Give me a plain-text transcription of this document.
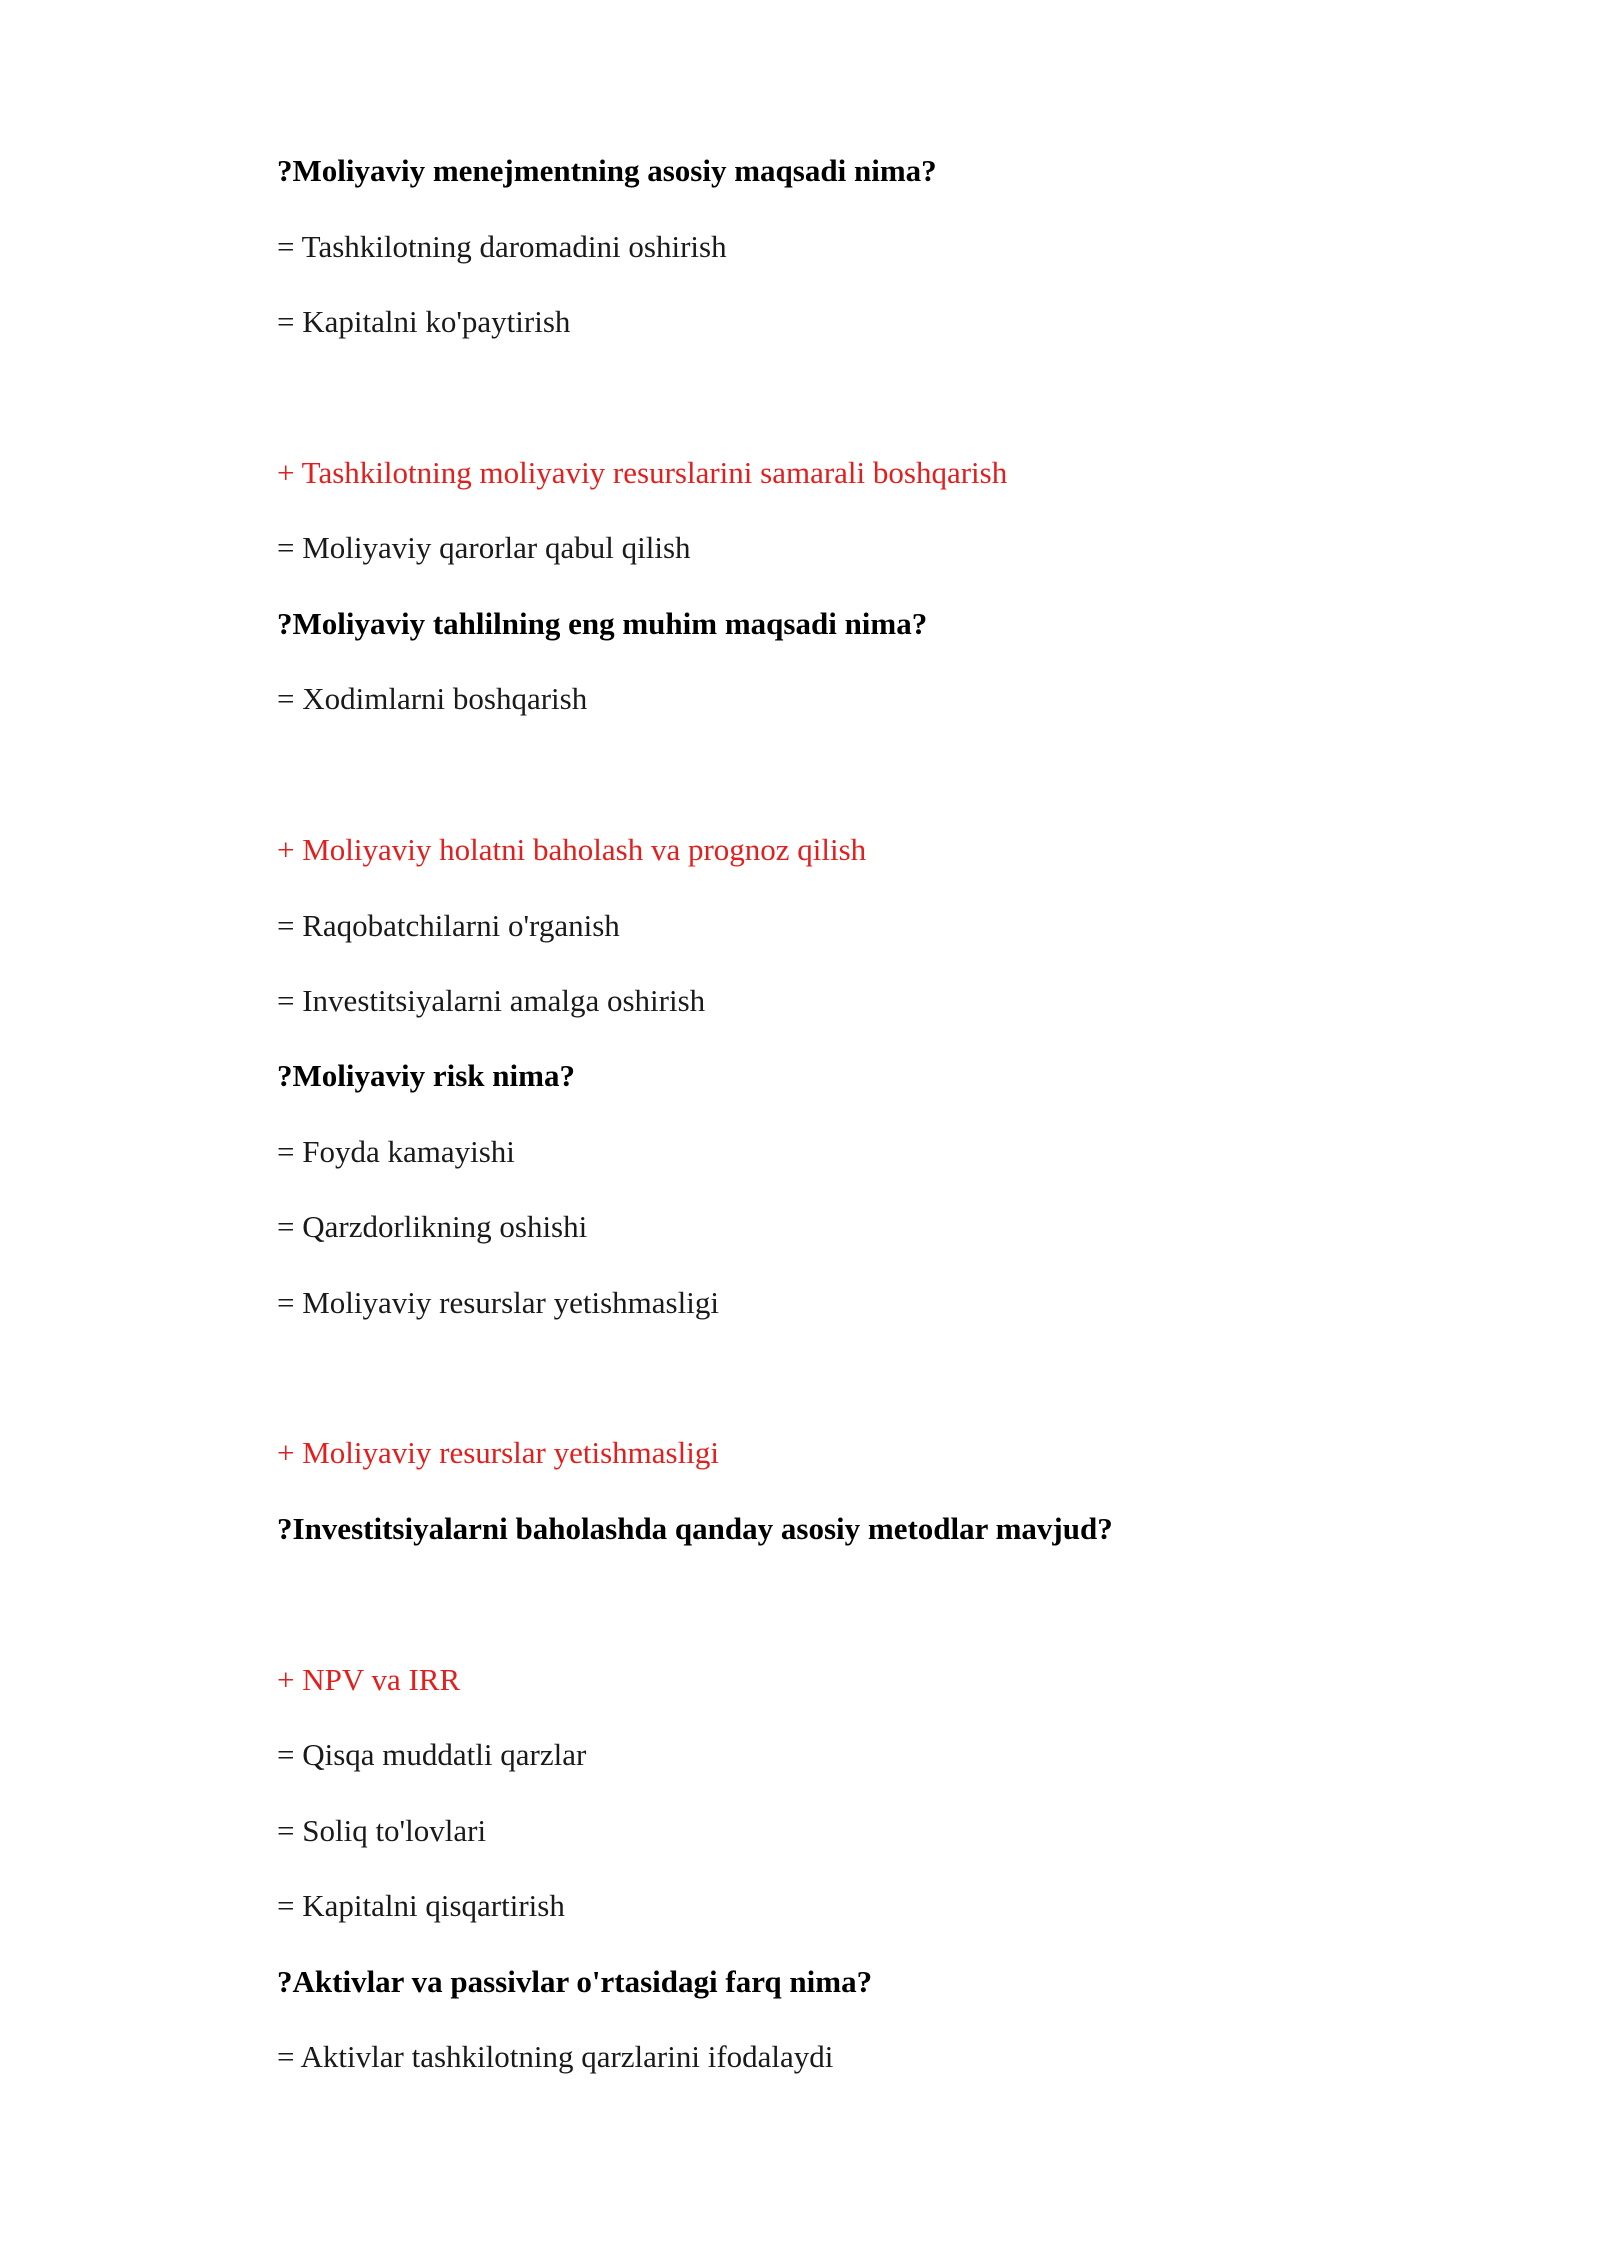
?Moliyaviy menejmentning asosiy maqsadi nima?
= Tashkilotning daromadini oshirish
= Kapitalni ko'paytirish
+ Tashkilotning moliyaviy resurslarini samarali boshqarish
= Moliyaviy qarorlar qabul qilish
?Moliyaviy tahlilning eng muhim maqsadi nima?
= Xodimlarni boshqarish
+ Moliyaviy holatni baholash va prognoz qilish
= Raqobatchilarni o'rganish
= Investitsiyalarni amalga oshirish
?Moliyaviy risk nima?
= Foyda kamayishi
= Qarzdorlikning oshishi
= Moliyaviy resurslar yetishmasligi
+ Moliyaviy resurslar yetishmasligi
?Investitsiyalarni baholashda qanday asosiy metodlar mavjud?
+ NPV va IRR
= Qisqa muddatli qarzlar
= Soliq to'lovlari
= Kapitalni qisqartirish
?Aktivlar va passivlar o'rtasidagi farq nima?
= Aktivlar tashkilotning qarzlarini ifodalaydi
